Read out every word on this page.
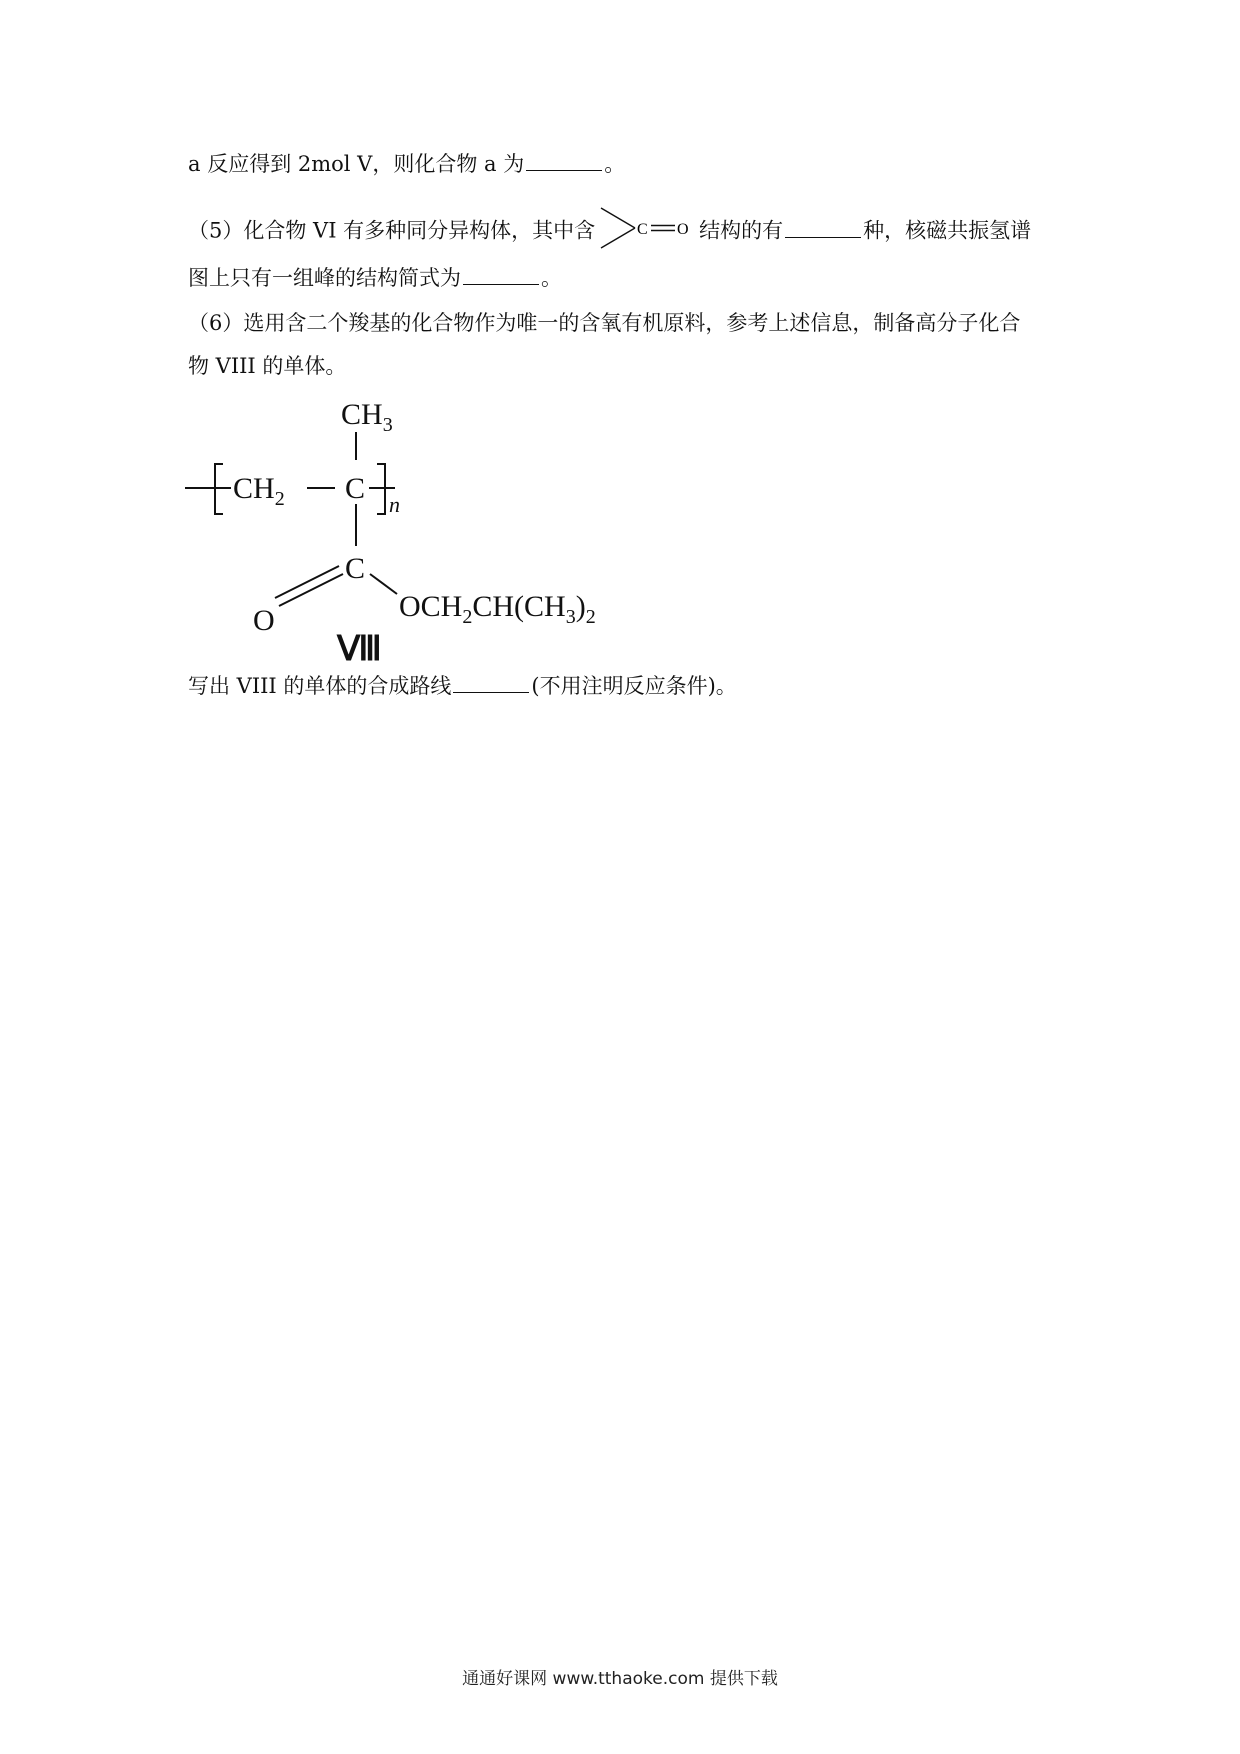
a 反应得到 2mol V，则化合物 a 为	。
（5）化合物 VI 有多种同分异构体，其中含	C O 结构的有	种，核磁共振氢谱
图上只有一组峰的结构简式为	。
（6）选用含二个羧基的化合物作为唯一的含氧有机原料，参考上述信息，制备高分子化合
物 VIII 的单体。
$CH_3$
$CH_2$ C n
C
O	$OCH_2CH(CH_3)_2$
Ⅷ
写出 VIII 的单体的合成路线	(不用注明反应条件)。
通通好课网 www.tthaoke.com 提供下载
